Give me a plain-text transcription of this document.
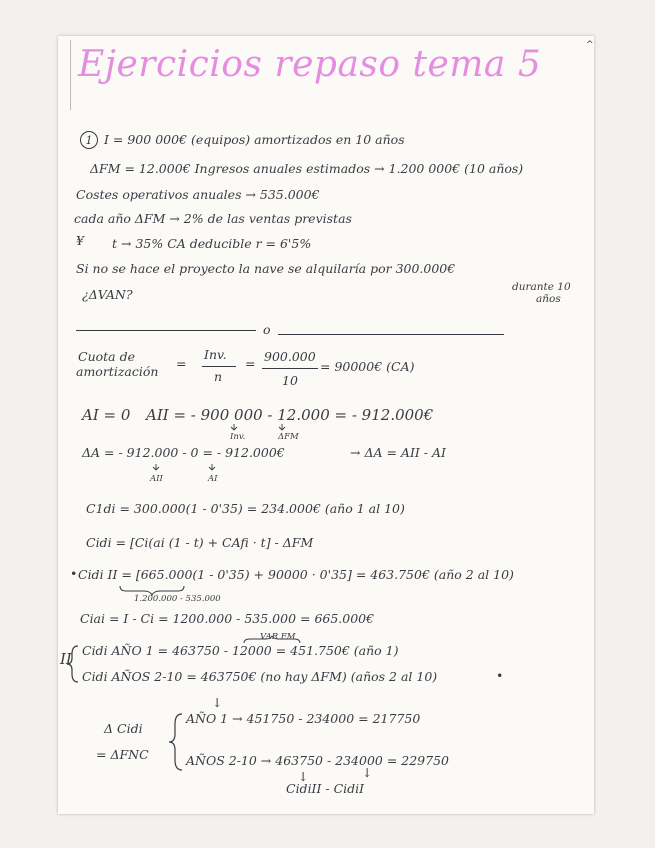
^
Ejercicios repaso tema 5
1 I = 900 000€ (equipos) amortizados en 10 años
ΔFM = 12.000€ Ingresos anuales estimados → 1.200 000€ (10 años)
Costes operativos anuales → 535.000€
cada año ΔFM → 2% de las ventas previstas
¥ t → 35% CA deducible r = 6'5%
Si no se hace el proyecto la nave se alquilaría por 300.000€
durante 10
años
¿ΔVAN?
o
Cuota de
amortización
=
Inv.
n
= 900.000
10
= 90000€ (CA)
AI = 0 AII = - 900 000 - 12.000 = - 912.000€
Inv.	ΔFM
ΔA = - 912.000 - 0 = - 912.000€	→ ΔA = AII - AI
AII	AI
C1di = 300.000(1 - 0'35) = 234.000€ (año 1 al 10)
Cidi = [Ci(ai (1 - t) + CAfi · t] - ΔFM
• Cidi II = [665.000(1 - 0'35) + 90000 · 0'35] = 463.750€ (año 2 al 10)
1.200.000 - 535.000
Ciai = I - Ci = 1200.000 - 535.000 = 665.000€
VAR FM
II Cidi AÑO 1 = 463750 - 12000 = 451.750€ (año 1)
Cidi AÑOS 2-10 = 463750€ (no hay ΔFM) (años 2 al 10)	•
↓
Δ Cidi
= ΔFNC
AÑO 1 → 451750 - 234000 = 217750
AÑOS 2-10 → 463750 - 234000 = 229750
↓	↓
CidiII - CidiI
